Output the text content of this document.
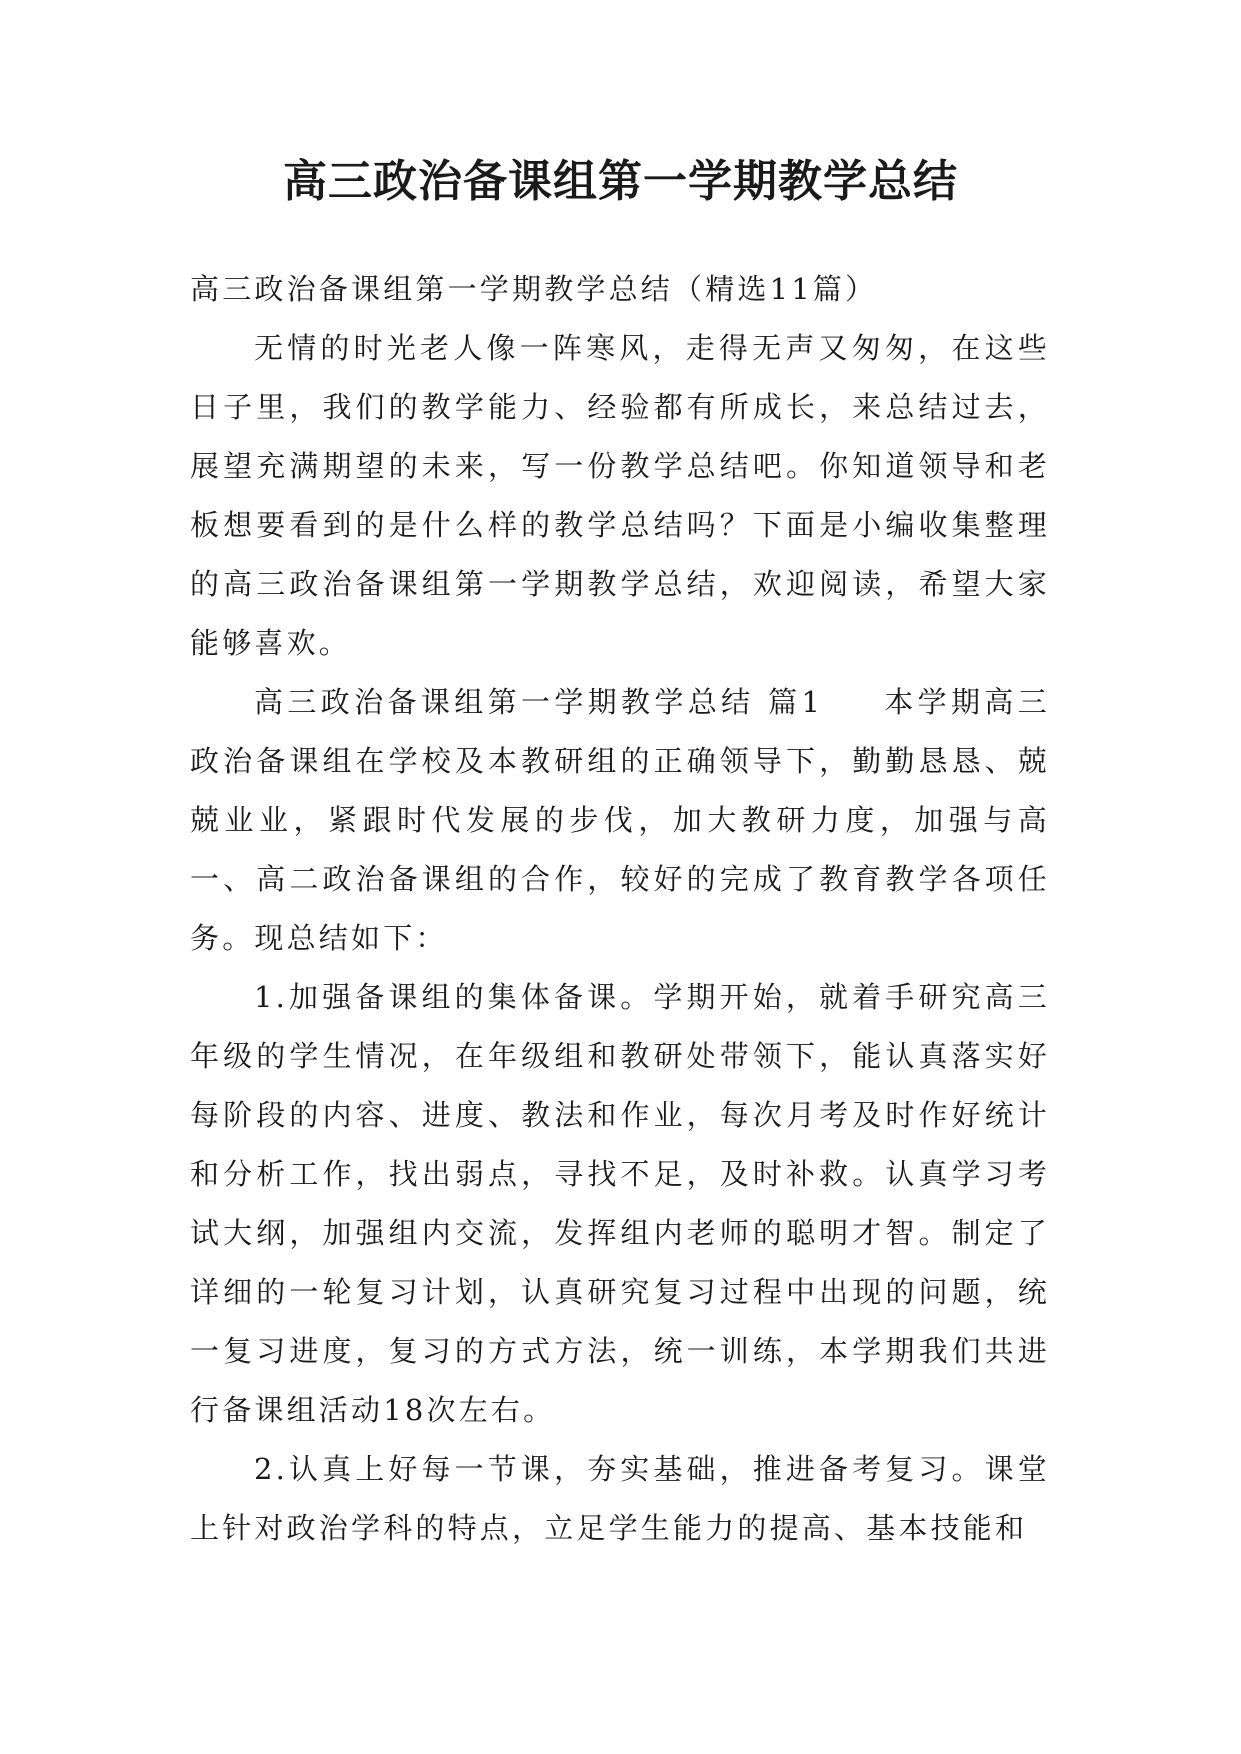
高三政治备课组第一学期教学总结

高三政治备课组第一学期教学总结（精选11篇）

无情的时光老人像一阵寒风，走得无声又匆匆，在这些日子里，我们的教学能力、经验都有所成长，来总结过去，展望充满期望的未来，写一份教学总结吧。你知道领导和老板想要看到的是什么样的教学总结吗？下面是小编收集整理的高三政治备课组第一学期教学总结，欢迎阅读，希望大家能够喜欢。

高三政治备课组第一学期教学总结 篇1 本学期高三政治备课组在学校及本教研组的正确领导下，勤勤恳恳、兢兢业业，紧跟时代发展的步伐，加大教研力度，加强与高一、高二政治备课组的合作，较好的完成了教育教学各项任务。现总结如下：

1.加强备课组的集体备课。学期开始，就着手研究高三年级的学生情况，在年级组和教研处带领下，能认真落实好每阶段的内容、进度、教法和作业，每次月考及时作好统计和分析工作，找出弱点，寻找不足，及时补救。认真学习考试大纲，加强组内交流，发挥组内老师的聪明才智。制定了详细的一轮复习计划，认真研究复习过程中出现的问题，统一复习进度，复习的方式方法，统一训练，本学期我们共进行备课组活动18次左右。

2.认真上好每一节课，夯实基础，推进备考复习。课堂上针对政治学科的特点，立足学生能力的提高、基本技能和
